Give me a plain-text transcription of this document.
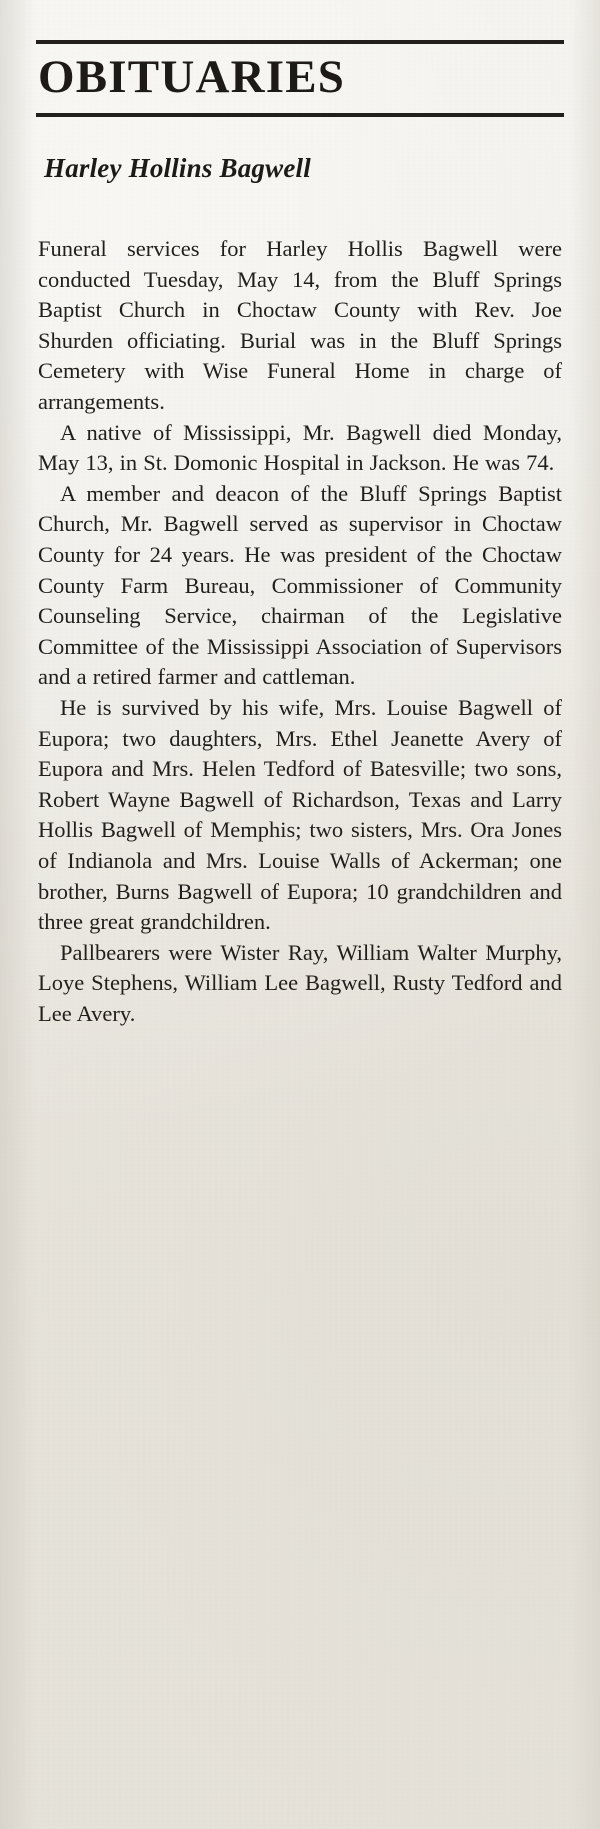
OBITUARIES
Harley Hollins Bagwell

Funeral services for Harley Hollis Bagwell were conducted Tuesday, May 14, from the Bluff Springs Baptist Church in Choctaw County with Rev. Joe Shurden officiating. Burial was in the Bluff Springs Cemetery with Wise Funeral Home in charge of arrangements.

A native of Mississippi, Mr. Bagwell died Monday, May 13, in St. Domonic Hospital in Jackson. He was 74.

A member and deacon of the Bluff Springs Baptist Church, Mr. Bagwell served as supervisor in Choctaw County for 24 years. He was president of the Choctaw County Farm Bureau, Commissioner of Community Counseling Service, chairman of the Legislative Committee of the Mississippi Association of Supervisors and a retired farmer and cattleman.

He is survived by his wife, Mrs. Louise Bagwell of Eupora; two daughters, Mrs. Ethel Jeanette Avery of Eupora and Mrs. Helen Tedford of Batesville; two sons, Robert Wayne Bagwell of Richardson, Texas and Larry Hollis Bagwell of Memphis; two sisters, Mrs. Ora Jones of Indianola and Mrs. Louise Walls of Ackerman; one brother, Burns Bagwell of Eupora; 10 grandchildren and three great grandchildren.

Pallbearers were Wister Ray, William Walter Murphy, Loye Stephens, William Lee Bagwell, Rusty Tedford and Lee Avery.
